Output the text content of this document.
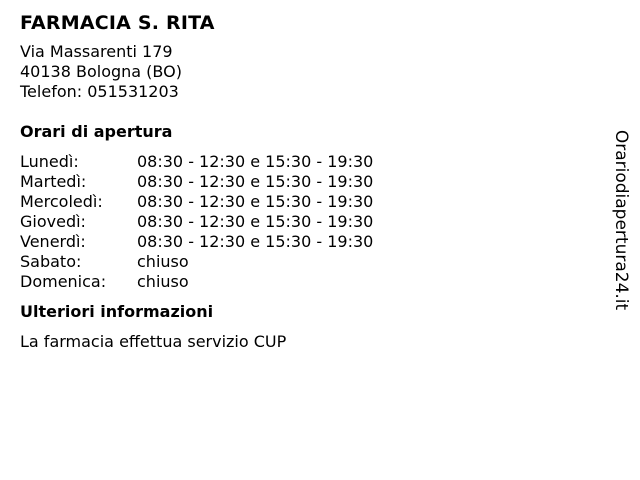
FARMACIA S. RITA
Via Massarenti 179
40138 Bologna (BO)
Telefon: 051531203
Orari di apertura
Lunedì:	08:30 - 12:30 e 15:30 - 19:30
Martedì:	08:30 - 12:30 e 15:30 - 19:30
Mercoledì:	08:30 - 12:30 e 15:30 - 19:30
Giovedì:	08:30 - 12:30 e 15:30 - 19:30
Venerdì:	08:30 - 12:30 e 15:30 - 19:30
Sabato:	chiuso
Domenica:	chiuso
Ulteriori informazioni
La farmacia effettua servizio CUP
Orariodiapertura24.it
